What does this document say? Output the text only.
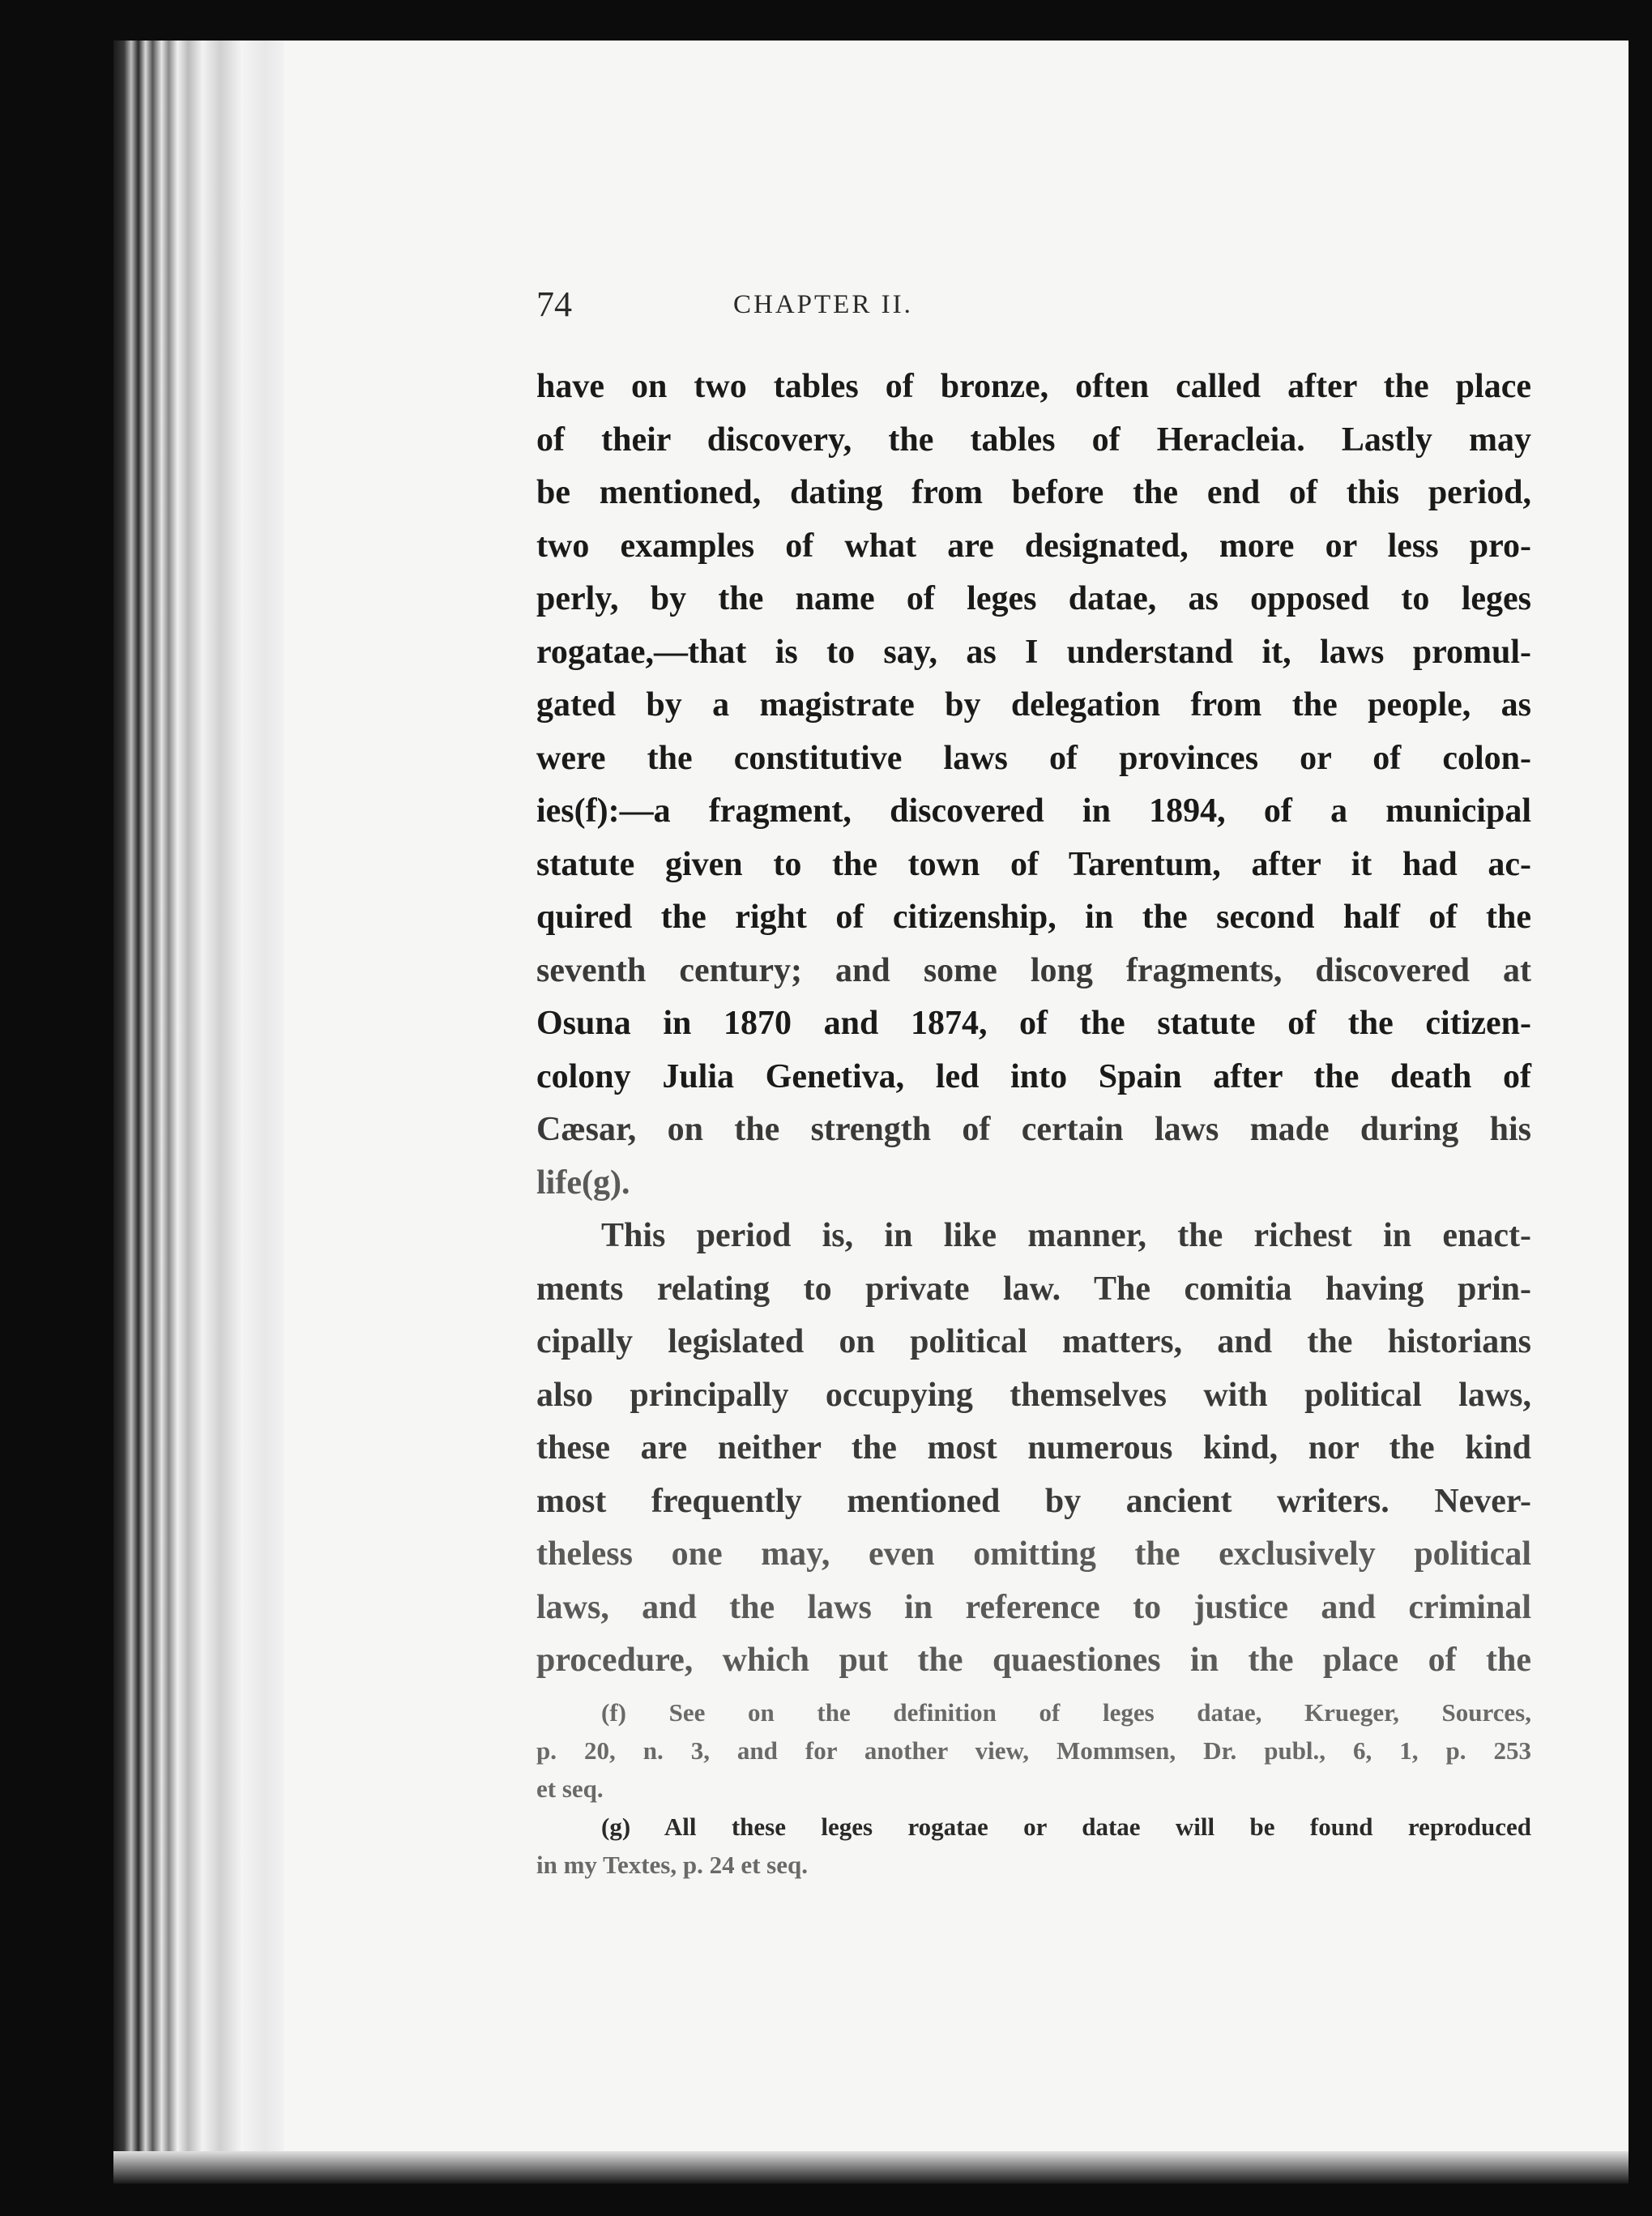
74	CHAPTER II.
have on two tables of bronze, often called after the place
of their discovery, the tables of Heracleia. Lastly may
be mentioned, dating from before the end of this period,
two examples of what are designated, more or less pro-
perly, by the name of leges datae, as opposed to leges
rogatae,—that is to say, as I understand it, laws promul-
gated by a magistrate by delegation from the people, as
were the constitutive laws of provinces or of colon-
ies(f):—a fragment, discovered in 1894, of a municipal
statute given to the town of Tarentum, after it had ac-
quired the right of citizenship, in the second half of the
seventh century; and some long fragments, discovered at
Osuna in 1870 and 1874, of the statute of the citizen-
colony Julia Genetiva, led into Spain after the death of
Cæsar, on the strength of certain laws made during his
life(g).
This period is, in like manner, the richest in enact-
ments relating to private law. The comitia having prin-
cipally legislated on political matters, and the historians
also principally occupying themselves with political laws,
these are neither the most numerous kind, nor the kind
most frequently mentioned by ancient writers. Never-
theless one may, even omitting the exclusively political
laws, and the laws in reference to justice and criminal
procedure, which put the quaestiones in the place of the
(f) See on the definition of leges datae, Krueger, Sources,
p. 20, n. 3, and for another view, Mommsen, Dr. publ., 6, 1, p. 253
et seq.
(g) All these leges rogatae or datae will be found reproduced
in my Textes, p. 24 et seq.
